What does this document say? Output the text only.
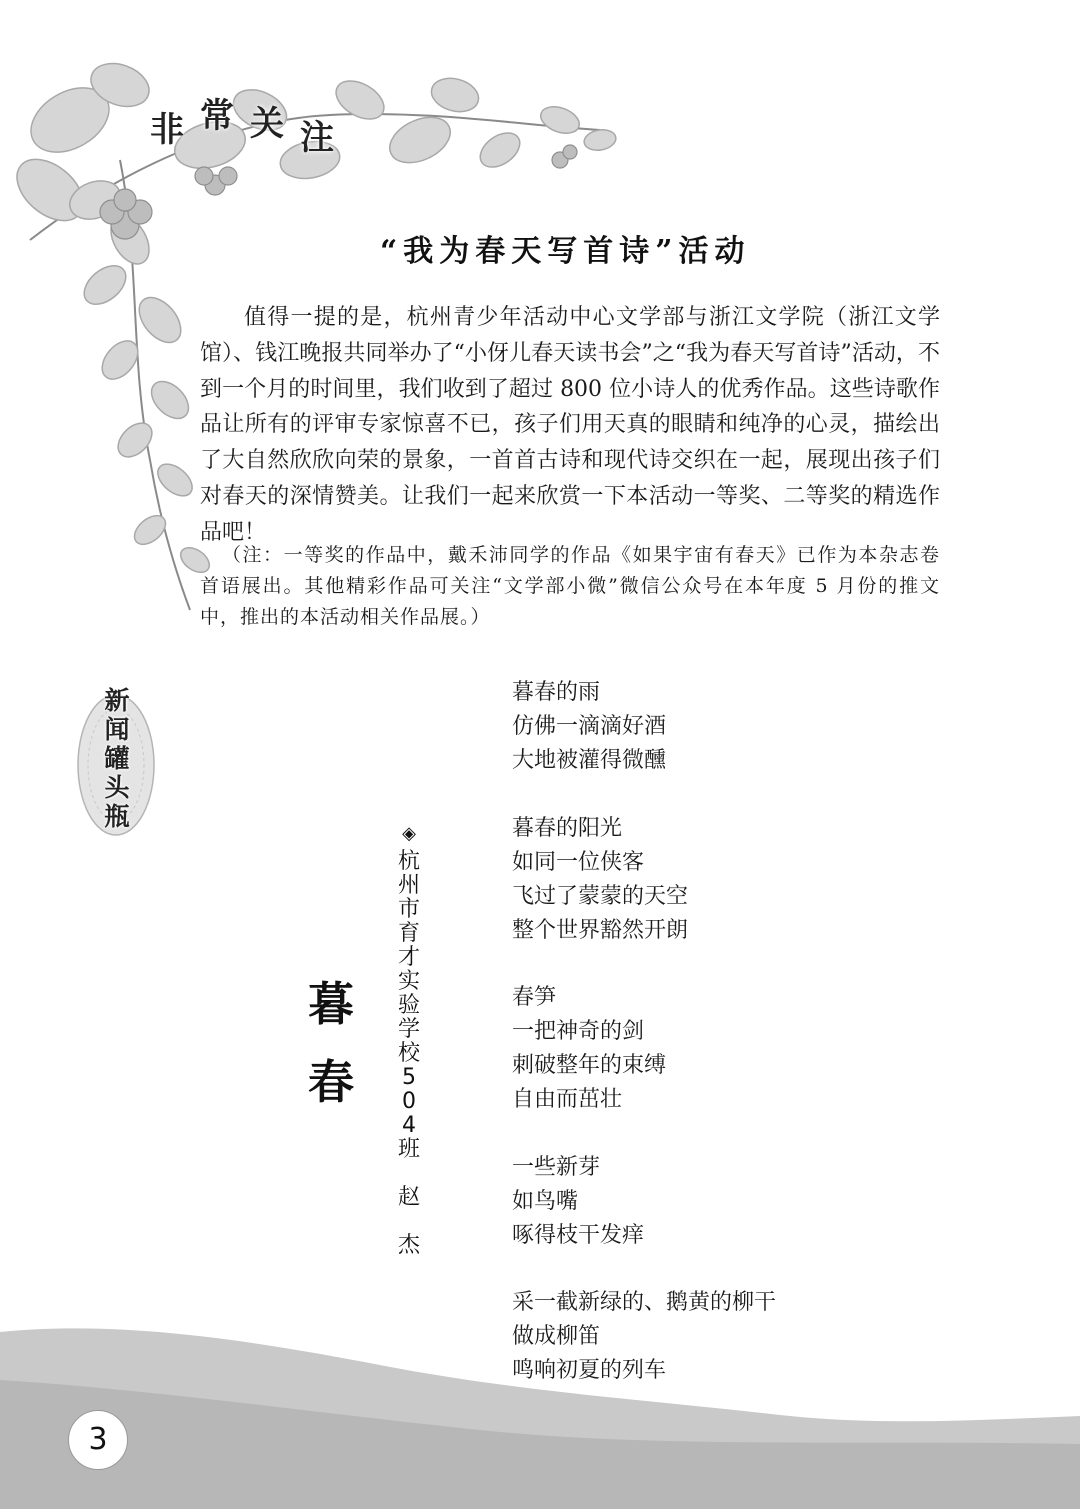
非 常 关 注
“我为春天写首诗”活动

值得一提的是，杭州青少年活动中心文学部与浙江文学院（浙江文学馆）、钱江晚报共同举办了“小伢儿春天读书会”之“我为春天写首诗”活动，不到一个月的时间里，我们收到了超过 800 位小诗人的优秀作品。这些诗歌作品让所有的评审专家惊喜不已，孩子们用天真的眼睛和纯净的心灵，描绘出了大自然欣欣向荣的景象，一首首古诗和现代诗交织在一起，展现出孩子们对春天的深情赞美。让我们一起来欣赏一下本活动一等奖、二等奖的精选作品吧！

（注：一等奖的作品中，戴禾沛同学的作品《如果宇宙有春天》已作为本杂志卷首语展出。其他精彩作品可关注“文学部小微”微信公众号在本年度 5 月份的推文中，推出的本活动相关作品展。）

新闻罐头瓶
暮春
◈
杭
州
市
育
才
实
验
学
校
5
0
4
班
赵
杰
暮春的雨
仿佛一滴滴好酒
大地被灌得微醺
暮春的阳光
如同一位侠客
飞过了蒙蒙的天空
整个世界豁然开朗
春笋
一把神奇的剑
刺破整年的束缚
自由而茁壮
一些新芽
如鸟嘴
啄得枝干发痒
采一截新绿的、鹅黄的柳干
做成柳笛
鸣响初夏的列车
3
